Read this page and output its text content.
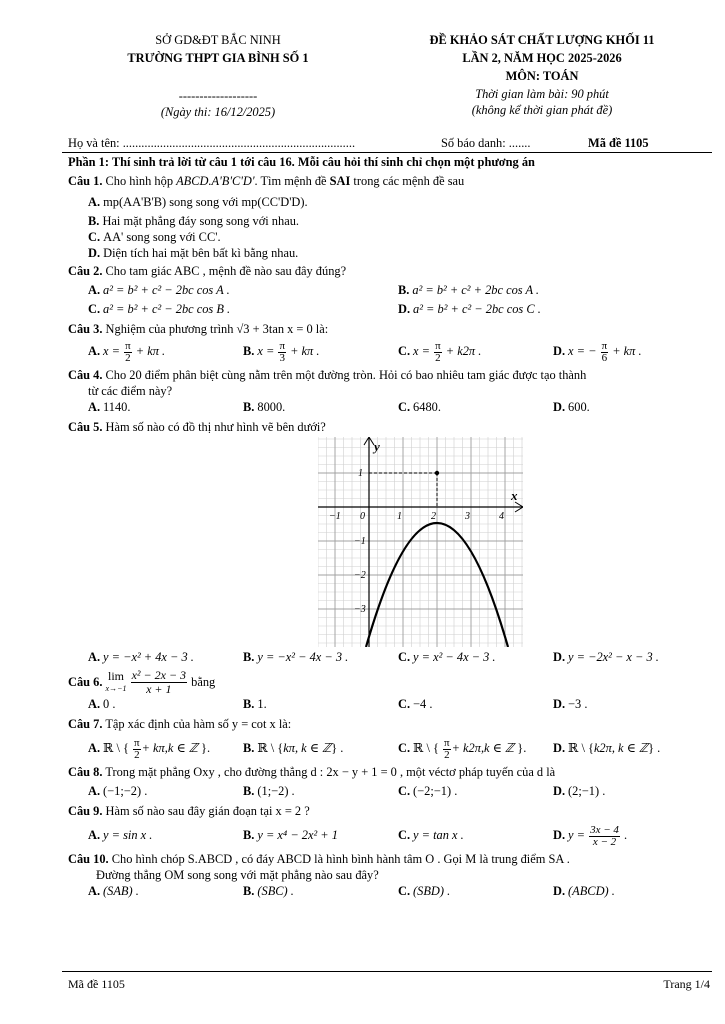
SỞ GD&ĐT BẮC NINH
TRƯỜNG THPT GIA BÌNH SỐ 1
-------------------
(Ngày thi: 16/12/2025)
ĐỀ KHẢO SÁT CHẤT LƯỢNG KHỐI 11
LẦN 2, NĂM HỌC 2025-2026
MÔN: TOÁN
Thời gian làm bài: 90 phút
(không kể thời gian phát đề)
Họ và tên: ...........................................................................	Số báo danh: .......	Mã đề 1105
Phần 1: Thí sinh trả lời từ câu 1 tới câu 16. Mỗi câu hỏi thí sinh chỉ chọn một phương án
Câu 1. Cho hình hộp ABCD.A'B'C'D'. Tìm mệnh đề SAI trong các mệnh đề sau
A. mp(AA'B'B) song song với mp(CC'D'D).
B. Hai mặt phẳng đáy song song với nhau.
C. AA' song song với CC'.
D. Diện tích hai mặt bên bất kì bằng nhau.
Câu 2. Cho tam giác ABC , mệnh đề nào sau đây đúng?
A. a² = b² + c² − 2bc cos A .	B. a² = b² + c² + 2bc cos A .
C. a² = b² + c² − 2bc cos B .	D. a² = b² + c² − 2bc cos C .
Câu 3. Nghiệm của phương trình √3 + 3tan x = 0 là:
A. $x = \frac{\pi}{2} + k\pi$ .	B. $x = \frac{\pi}{3} + k\pi$ .	C. $x = \frac{\pi}{2} + k2\pi$ .	D. x = − $\frac{\pi}{6} + k\pi$ .
Câu 4. Cho 20 điểm phân biệt cùng nằm trên một đường tròn. Hỏi có bao nhiêu tam giác được tạo thành
từ các điểm này?
A. 1140.	B. 8000.	C. 6480.	D. 600.
Câu 5. Hàm số nào có đồ thị như hình vẽ bên dưới?
−1 0	1	2	3	4
1
−1
−2
−3
x
y
A. y = −x² + 4x − 3 .	B. y = −x² − 4x − 3 .	C. y = x² − 4x − 3 .	D. y = −2x² − x − 3 .
Câu 6. lim
$x\to-1 \frac{\text{x² − 2x − 3}}{x + 1}$ bằng
A. 0 .	B. 1.	C. −4 .	D. −3 .
Câu 7. Tập xác định của hàm số y = cot x là:
A. ℝ \ { $\frac{\pi}{2} + k\pi,k$ ∈ ℤ }.	B. ℝ \ {kπ, k ∈ ℤ} .	C. ℝ \ { $\frac{\pi}{2} + k2\pi,k$ ∈ ℤ }.	D. ℝ \ {k2π, k ∈ ℤ} .
Câu 8. Trong mặt phẳng Oxy , cho đường thẳng d : 2x − y + 1 = 0 , một véctơ pháp tuyến của d là
A. (−1;−2) .	B. (1;−2) .	C. (−2;−1) .	D. (2;−1) .
Câu 9. Hàm số nào sau đây gián đoạn tại x = 2 ?
A. y = sin x .	B. y = x⁴ − 2x² + 1	C. y = tan x .	D. $y = \frac{3x - 4}{x - 2}$ .
Câu 10. Cho hình chóp S.ABCD , có đáy ABCD là hình bình hành tâm O . Gọi M là trung điểm SA .
Đường thẳng OM song song với mặt phẳng nào sau đây?
A. (SAB) .	B. (SBC) .	C. (SBD) .	D. (ABCD) .
Mã đề 1105	Trang 1/4
